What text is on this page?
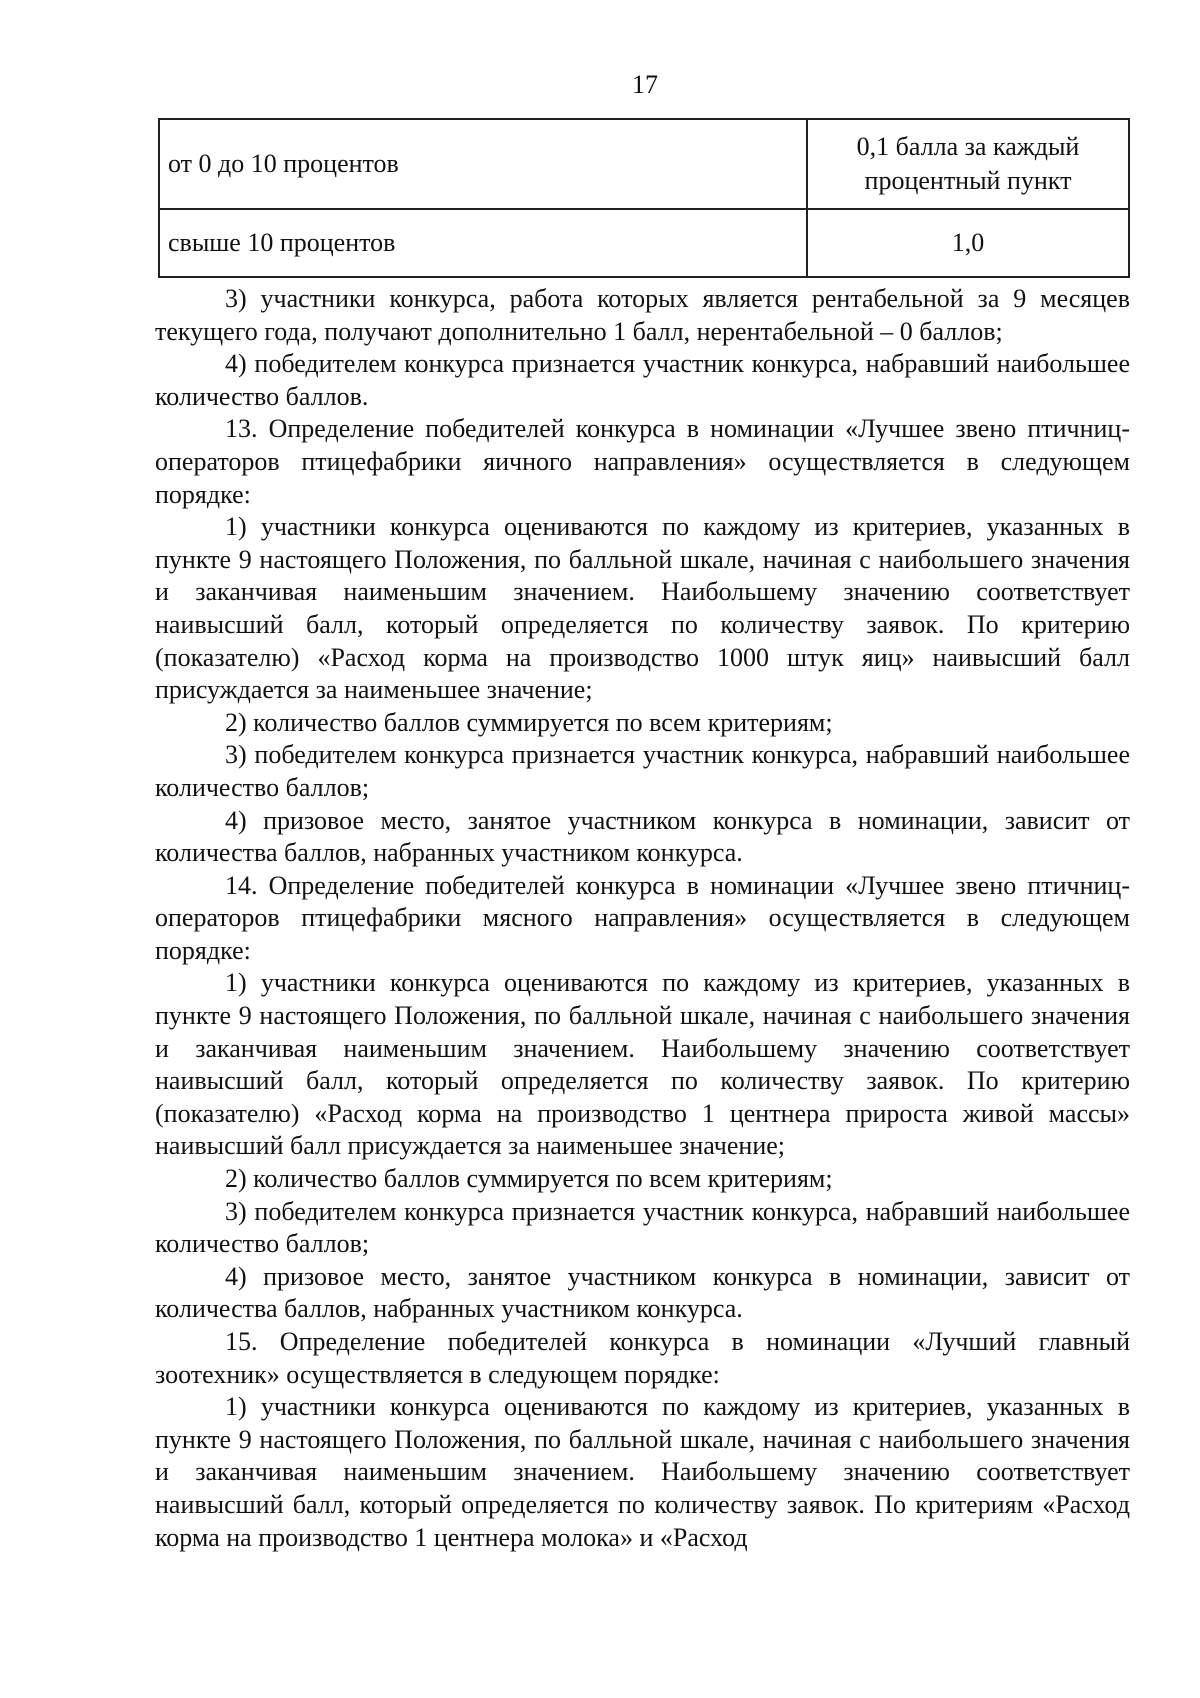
17
от 0 до 10 процентов	0,1 балла за каждый процентный пункт

свыше 10 процентов	1,0

3) участники конкурса, работа которых является рентабельной за 9 месяцев текущего года, получают дополнительно 1 балл, нерентабельной – 0 баллов;

4) победителем конкурса признается участник конкурса, набравший наибольшее количество баллов.

13. Определение победителей конкурса в номинации «Лучшее звено птичниц-операторов птицефабрики яичного направления» осуществляется в следующем порядке:

1) участники конкурса оцениваются по каждому из критериев, указанных в пункте 9 настоящего Положения, по балльной шкале, начиная с наибольшего значения и заканчивая наименьшим значением. Наибольшему значению соответствует наивысший балл, который определяется по количеству заявок. По критерию (показателю) «Расход корма на производство 1000 штук яиц» наивысший балл присуждается за наименьшее значение;

2) количество баллов суммируется по всем критериям;

3) победителем конкурса признается участник конкурса, набравший наибольшее количество баллов;

4) призовое место, занятое участником конкурса в номинации, зависит от количества баллов, набранных участником конкурса.

14. Определение победителей конкурса в номинации «Лучшее звено птичниц-операторов птицефабрики мясного направления» осуществляется в следующем порядке:

1) участники конкурса оцениваются по каждому из критериев, указанных в пункте 9 настоящего Положения, по балльной шкале, начиная с наибольшего значения и заканчивая наименьшим значением. Наибольшему значению соответствует наивысший балл, который определяется по количеству заявок. По критерию (показателю) «Расход корма на производство 1 центнера прироста живой массы» наивысший балл присуждается за наименьшее значение;

2) количество баллов суммируется по всем критериям;

3) победителем конкурса признается участник конкурса, набравший наибольшее количество баллов;

4) призовое место, занятое участником конкурса в номинации, зависит от количества баллов, набранных участником конкурса.

15. Определение победителей конкурса в номинации «Лучший главный зоотехник» осуществляется в следующем порядке:

1) участники конкурса оцениваются по каждому из критериев, указанных в пункте 9 настоящего Положения, по балльной шкале, начиная с наибольшего значения и заканчивая наименьшим значением. Наибольшему значению соответствует наивысший балл, который определяется по количеству заявок. По критериям «Расход корма на производство 1 центнера молока» и «Расход
